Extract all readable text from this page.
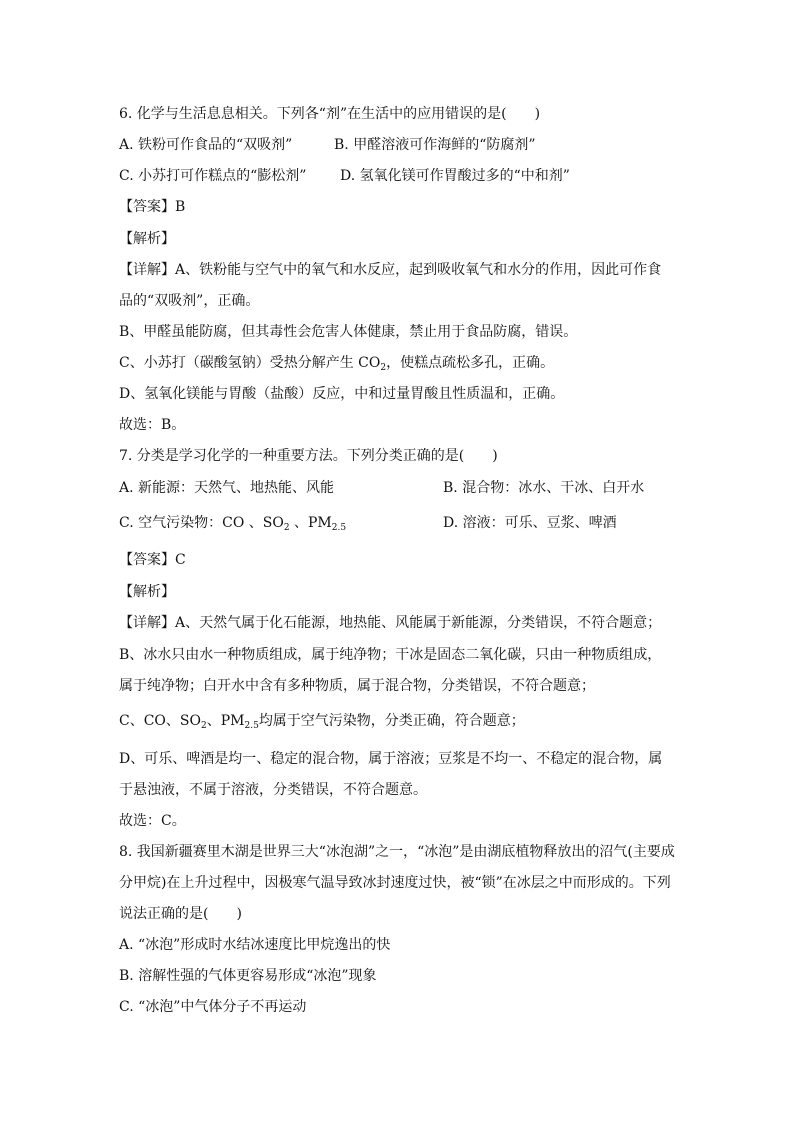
6. 化学与生活息息相关。下列各“剂”在生活中的应用错误的是(　　)
A. 铁粉可作食品的“双吸剂”	B. 甲醛溶液可作海鲜的“防腐剂”
C. 小苏打可作糕点的“膨松剂” D. 氢氧化镁可作胃酸过多的“中和剂”
【答案】B
【解析】
【详解】A、铁粉能与空气中的氧气和水反应，起到吸收氧气和水分的作用，因此可作食
品的“双吸剂”，正确。
B、甲醛虽能防腐，但其毒性会危害人体健康，禁止用于食品防腐，错误。
C、小苏打（碳酸氢钠）受热分解产生 $CO_2$，使糕点疏松多孔，正确。
D、氢氧化镁能与胃酸（盐酸）反应，中和过量胃酸且性质温和，正确。
故选：B。
7. 分类是学习化学的一种重要方法。下列分类正确的是(　　)
A. 新能源：天然气、地热能、风能	B. 混合物：冰水、干冰、白开水
C. 空气污染物：CO 、$SO_2$ 、$PM_{2.5}$	D. 溶液：可乐、豆浆、啤酒
【答案】C
【解析】
【详解】A、天然气属于化石能源，地热能、风能属于新能源，分类错误，不符合题意；
B、冰水只由水一种物质组成，属于纯净物；干冰是固态二氧化碳，只由一种物质组成，
属于纯净物；白开水中含有多种物质，属于混合物，分类错误，不符合题意；
C、CO、$SO_2$、$PM_{2.5}$均属于空气污染物，分类正确，符合题意；
D、可乐、啤酒是均一、稳定的混合物，属于溶液；豆浆是不均一、不稳定的混合物，属
于悬浊液，不属于溶液，分类错误，不符合题意。
故选：C。
8. 我国新疆赛里木湖是世界三大“冰泡湖”之一，“冰泡”是由湖底植物释放出的沼气(主要成
分甲烷)在上升过程中，因极寒气温导致冰封速度过快，被“锁”在冰层之中而形成的。下列
说法正确的是(　　)
A. “冰泡”形成时水结冰速度比甲烷逸出的快
B. 溶解性强的气体更容易形成“冰泡”现象
C. “冰泡”中气体分子不再运动
